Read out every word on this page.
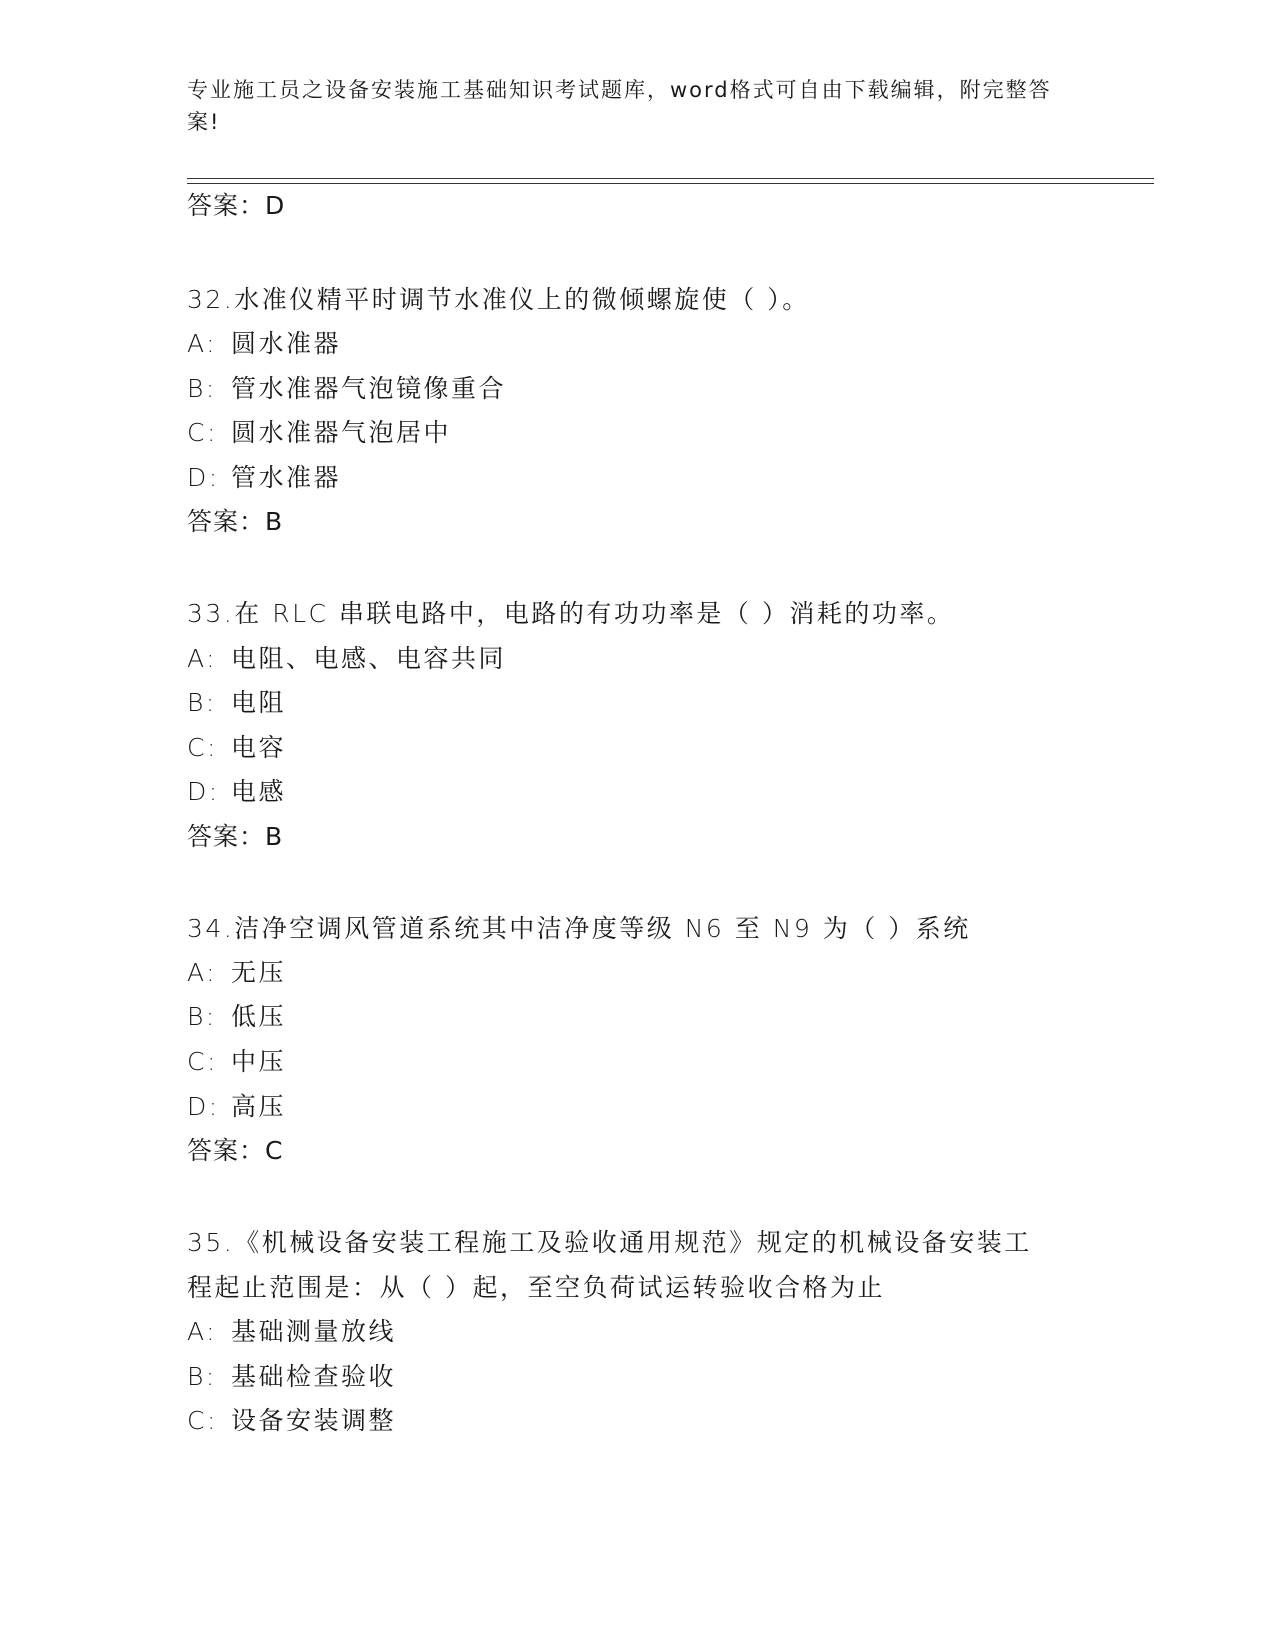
专业施工员之设备安装施工基础知识考试题库，word格式可自由下载编辑，附完整答案!
答案：D
32.水准仪精平时调节水准仪上的微倾螺旋使（ ）。
A: 圆水准器
B: 管水准器气泡镜像重合
C: 圆水准器气泡居中
D: 管水准器
答案：B
33.在 RLC 串联电路中，电路的有功功率是（ ）消耗的功率。
A: 电阻、电感、电容共同
B: 电阻
C: 电容
D: 电感
答案：B
34.洁净空调风管道系统其中洁净度等级 N6 至 N9 为（ ）系统
A: 无压
B: 低压
C: 中压
D: 高压
答案：C
35.《机械设备安装工程施工及验收通用规范》规定的机械设备安装工
程起止范围是：从（ ）起，至空负荷试运转验收合格为止
A: 基础测量放线
B: 基础检查验收
C: 设备安装调整
